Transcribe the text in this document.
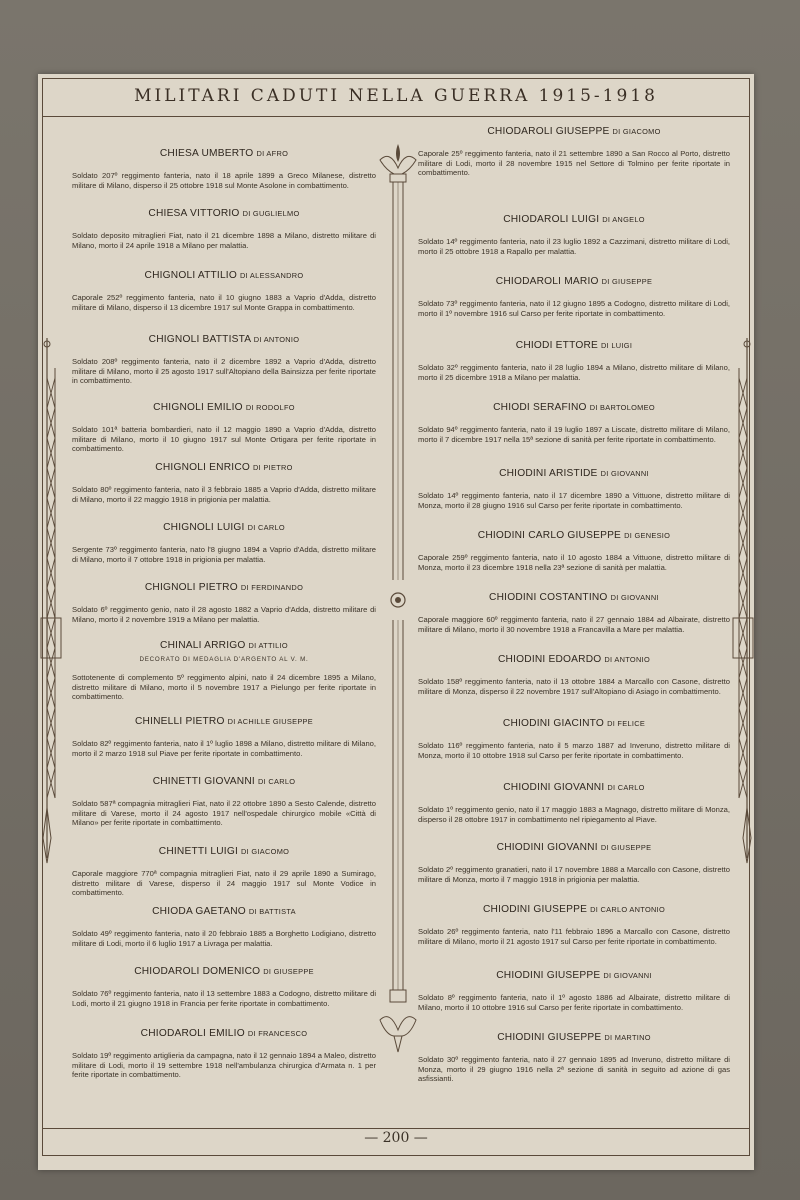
MILITARI CADUTI NELLA GUERRA 1915-1918
CHIESA UMBERTO DI AFRO
Soldato 207º reggimento fanteria, nato il 18 aprile 1899 a Greco Milanese, distretto militare di Milano, disperso il 25 ottobre 1918 sul Monte Asolone in combattimento.
CHIESA VITTORIO DI GUGLIELMO
Soldato deposito mitraglieri Fiat, nato il 21 dicembre 1898 a Milano, distretto militare di Milano, morto il 24 aprile 1918 a Milano per malattia.
CHIGNOLI ATTILIO DI ALESSANDRO
Caporale 252º reggimento fanteria, nato il 10 giugno 1883 a Vaprio d'Adda, distretto militare di Milano, disperso il 13 dicembre 1917 sul Monte Grappa in combattimento.
CHIGNOLI BATTISTA DI ANTONIO
Soldato 208º reggimento fanteria, nato il 2 dicembre 1892 a Vaprio d'Adda, distretto militare di Milano, morto il 25 agosto 1917 sull'Altopiano della Bainsizza per ferite riportate in combattimento.
CHIGNOLI EMILIO DI RODOLFO
Soldato 101ª batteria bombardieri, nato il 12 maggio 1890 a Vaprio d'Adda, distretto militare di Milano, morto il 10 giugno 1917 sul Monte Ortigara per ferite riportate in combattimento.
CHIGNOLI ENRICO DI PIETRO
Soldato 80º reggimento fanteria, nato il 3 febbraio 1885 a Vaprio d'Adda, distretto militare di Milano, morto il 22 maggio 1918 in prigionia per malattia.
CHIGNOLI LUIGI DI CARLO
Sergente 73º reggimento fanteria, nato l'8 giugno 1894 a Vaprio d'Adda, distretto militare di Milano, morto il 7 ottobre 1918 in prigionia per malattia.
CHIGNOLI PIETRO DI FERDINANDO
Soldato 6º reggimento genio, nato il 28 agosto 1882 a Vaprio d'Adda, distretto militare di Milano, morto il 2 novembre 1919 a Milano per malattia.
CHINALI ARRIGO DI ATTILIO
DECORATO DI MEDAGLIA D'ARGENTO AL V. M.
Sottotenente di complemento 5º reggimento alpini, nato il 24 dicembre 1895 a Milano, distretto militare di Milano, morto il 5 novembre 1917 a Pielungo per ferite riportate in combattimento.
CHINELLI PIETRO DI ACHILLE GIUSEPPE
Soldato 82º reggimento fanteria, nato il 1º luglio 1898 a Milano, distretto militare di Milano, morto il 2 marzo 1918 sul Piave per ferite riportate in combattimento.
CHINETTI GIOVANNI DI CARLO
Soldato 587ª compagnia mitraglieri Fiat, nato il 22 ottobre 1890 a Sesto Calende, distretto militare di Varese, morto il 24 agosto 1917 nell'ospedale chirurgico mobile «Città di Milano» per ferite riportate in combattimento.
CHINETTI LUIGI DI GIACOMO
Caporale maggiore 770ª compagnia mitraglieri Fiat, nato il 29 aprile 1890 a Sumirago, distretto militare di Varese, disperso il 24 maggio 1917 sul Monte Vodice in combattimento.
CHIODA GAETANO DI BATTISTA
Soldato 49º reggimento fanteria, nato il 20 febbraio 1885 a Borghetto Lodigiano, distretto militare di Lodi, morto il 6 luglio 1917 a Livraga per malattia.
CHIODAROLI DOMENICO DI GIUSEPPE
Soldato 76º reggimento fanteria, nato il 13 settembre 1883 a Codogno, distretto militare di Lodi, morto il 21 giugno 1918 in Francia per ferite riportate in combattimento.
CHIODAROLI EMILIO DI FRANCESCO
Soldato 19º reggimento artiglieria da campagna, nato il 12 gennaio 1894 a Maleo, distretto militare di Lodi, morto il 19 settembre 1918 nell'ambulanza chirurgica d'Armata n. 1 per ferite riportate in combattimento.
CHIODAROLI GIUSEPPE DI GIACOMO
Caporale 25º reggimento fanteria, nato il 21 settembre 1890 a San Rocco al Porto, distretto militare di Lodi, morto il 28 novembre 1915 nel Settore di Tolmino per ferite riportate in combattimento.
CHIODAROLI LUIGI DI ANGELO
Soldato 14º reggimento fanteria, nato il 23 luglio 1892 a Cazzimani, distretto militare di Lodi, morto il 25 ottobre 1918 a Rapallo per malattia.
CHIODAROLI MARIO DI GIUSEPPE
Soldato 73º reggimento fanteria, nato il 12 giugno 1895 a Codogno, distretto militare di Lodi, morto il 1º novembre 1916 sul Carso per ferite riportate in combattimento.
CHIODI ETTORE DI LUIGI
Soldato 32º reggimento fanteria, nato il 28 luglio 1894 a Milano, distretto militare di Milano, morto il 25 dicembre 1918 a Milano per malattia.
CHIODI SERAFINO DI BARTOLOMEO
Soldato 94º reggimento fanteria, nato il 19 luglio 1897 a Liscate, distretto militare di Milano, morto il 7 dicembre 1917 nella 15ª sezione di sanità per ferite riportate in combattimento.
CHIODINI ARISTIDE DI GIOVANNI
Soldato 14º reggimento fanteria, nato il 17 dicembre 1890 a Vittuone, distretto militare di Monza, morto il 28 giugno 1916 sul Carso per ferite riportate in combattimento.
CHIODINI CARLO GIUSEPPE DI GENESIO
Caporale 259º reggimento fanteria, nato il 10 agosto 1884 a Vittuone, distretto militare di Monza, morto il 23 dicembre 1918 nella 23ª sezione di sanità per malattia.
CHIODINI COSTANTINO DI GIOVANNI
Caporale maggiore 60º reggimento fanteria, nato il 27 gennaio 1884 ad Albairate, distretto militare di Milano, morto il 30 novembre 1918 a Francavilla a Mare per malattia.
CHIODINI EDOARDO DI ANTONIO
Soldato 158º reggimento fanteria, nato il 13 ottobre 1884 a Marcallo con Casone, distretto militare di Monza, disperso il 22 novembre 1917 sull'Altopiano di Asiago in combattimento.
CHIODINI GIACINTO DI FELICE
Soldato 116º reggimento fanteria, nato il 5 marzo 1887 ad Inveruno, distretto militare di Monza, morto il 10 ottobre 1918 sul Carso per ferite riportate in combattimento.
CHIODINI GIOVANNI DI CARLO
Soldato 1º reggimento genio, nato il 17 maggio 1883 a Magnago, distretto militare di Monza, disperso il 28 ottobre 1917 in combattimento nel ripiegamento al Piave.
CHIODINI GIOVANNI DI GIUSEPPE
Soldato 2º reggimento granatieri, nato il 17 novembre 1888 a Marcallo con Casone, distretto militare di Monza, morto il 7 maggio 1918 in prigionia per malattia.
CHIODINI GIUSEPPE DI CARLO ANTONIO
Soldato 26º reggimento fanteria, nato l'11 febbraio 1896 a Marcallo con Casone, distretto militare di Milano, morto il 21 agosto 1917 sul Carso per ferite riportate in combattimento.
CHIODINI GIUSEPPE DI GIOVANNI
Soldato 8º reggimento fanteria, nato il 1º agosto 1886 ad Albairate, distretto militare di Milano, morto il 10 ottobre 1916 sul Carso per ferite riportate in combattimento.
CHIODINI GIUSEPPE DI MARTINO
Soldato 30º reggimento fanteria, nato il 27 gennaio 1895 ad Inveruno, distretto militare di Monza, morto il 29 giugno 1916 nella 2ª sezione di sanità in seguito ad azione di gas asfissianti.
— 200 —
